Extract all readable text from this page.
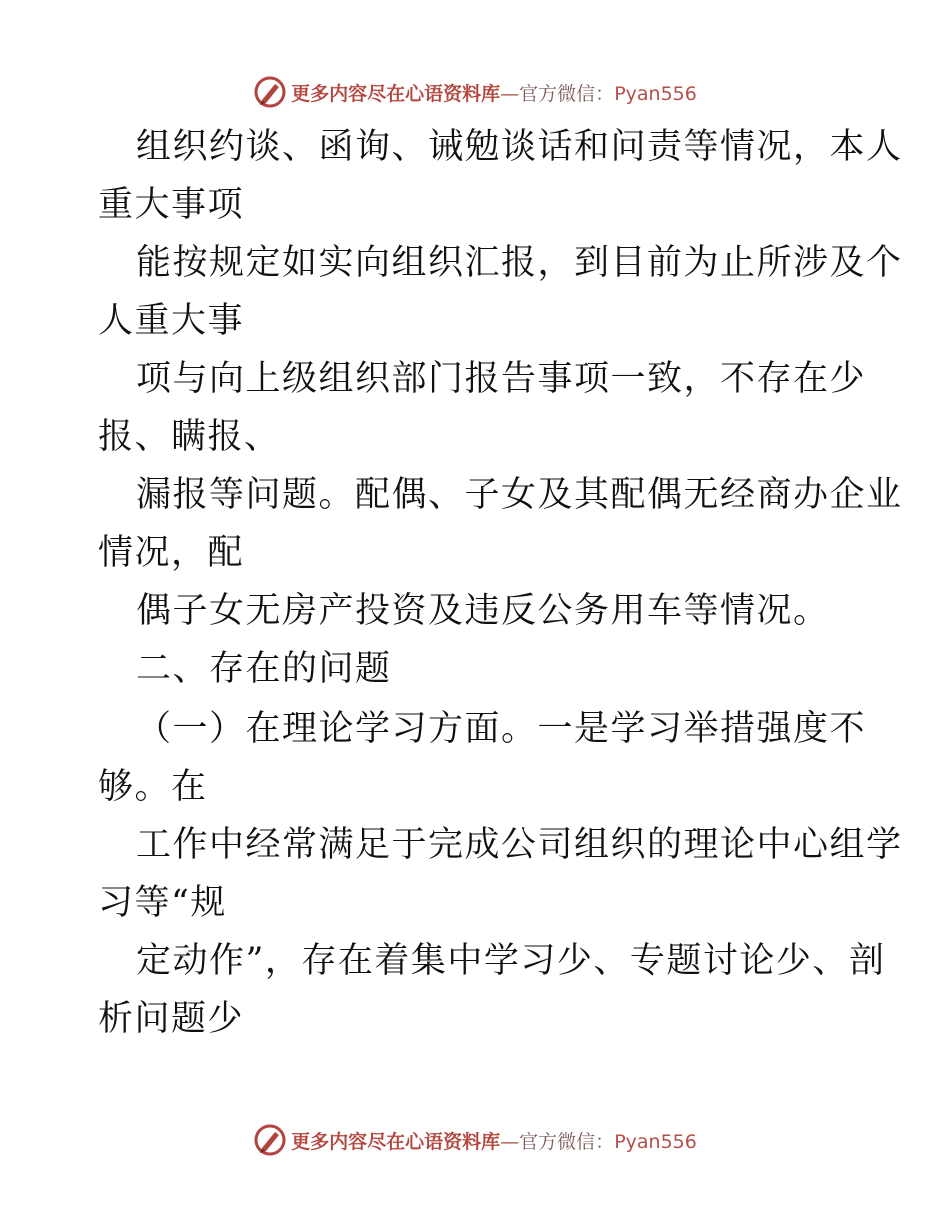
更多内容尽在心语资料库—官方微信：Pyan556
组织约谈、函询、诫勉谈话和问责等情况，本人
重大事项
能按规定如实向组织汇报，到目前为止所涉及个
人重大事
项与向上级组织部门报告事项一致，不存在少
报、瞒报、
漏报等问题。配偶、子女及其配偶无经商办企业
情况，配
偶子女无房产投资及违反公务用车等情况。
二、存在的问题
（一）在理论学习方面。一是学习举措强度不
够。在
工作中经常满足于完成公司组织的理论中心组学
习等“规
定动作”，存在着集中学习少、专题讨论少、剖
析问题少
更多内容尽在心语资料库—官方微信：Pyan556
